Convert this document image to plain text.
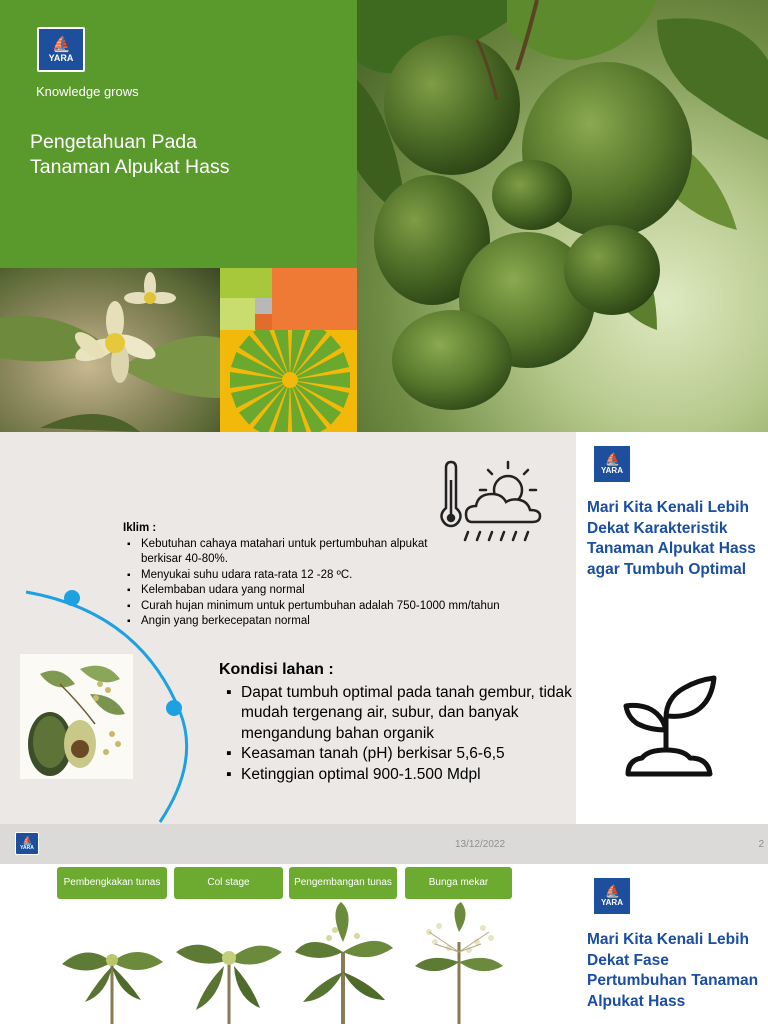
⛵
YARA
Knowledge grows
Pengetahuan Pada Tanaman Alpukat Hass
⛵
YARA
Mari Kita Kenali Lebih Dekat Karakteristik Tanaman Alpukat Hass agar Tumbuh Optimal
Iklim :
▪ Kebutuhan cahaya matahari untuk pertumbuhan alpukat berkisar 40-80%.
▪ Menyukai suhu udara rata-rata 12 -28 ºC.
▪ Kelembaban udara yang normal
▪ Curah hujan minimum untuk pertumbuhan adalah 750-1000 mm/tahun
▪ Angin yang berkecepatan normal
Kondisi lahan :
▪ Dapat tumbuh optimal pada tanah gembur, tidak mudah tergenang air, subur, dan banyak mengandung bahan organik
▪ Keasaman tanah (pH) berkisar 5,6-6,5
▪ Ketinggian optimal 900-1.500 Mdpl
⛵
YARA	13/12/2022	2
Pembengkakan tunas	Col stage	Pengembangan tunas	Bunga mekar
⛵
YARA
Mari Kita Kenali Lebih Dekat Fase Pertumbuhan Tanaman Alpukat Hass
